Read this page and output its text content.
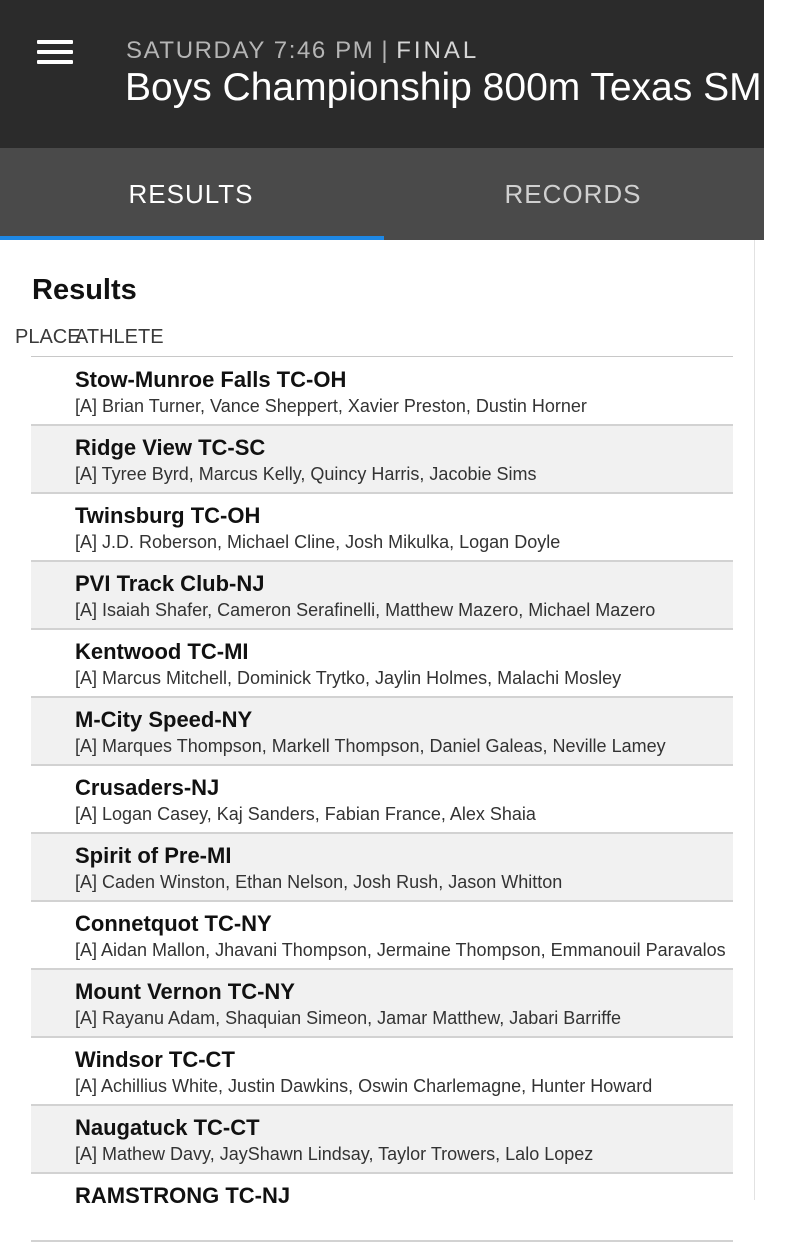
SATURDAY 7:46 PM | FINAL
Boys Championship 800m Texas SMR
RESULTS	RECORDS
Results
PLACE
ATHLETE
Stow-Munroe Falls TC-OH
[A] Brian Turner, Vance Sheppert, Xavier Preston, Dustin Horner
Ridge View TC-SC
[A] Tyree Byrd, Marcus Kelly, Quincy Harris, Jacobie Sims
Twinsburg TC-OH
[A] J.D. Roberson, Michael Cline, Josh Mikulka, Logan Doyle
PVI Track Club-NJ
[A] Isaiah Shafer, Cameron Serafinelli, Matthew Mazero, Michael Mazero
Kentwood TC-MI
[A] Marcus Mitchell, Dominick Trytko, Jaylin Holmes, Malachi Mosley
M-City Speed-NY
[A] Marques Thompson, Markell Thompson, Daniel Galeas, Neville Lamey
Crusaders-NJ
[A] Logan Casey, Kaj Sanders, Fabian France, Alex Shaia
Spirit of Pre-MI
[A] Caden Winston, Ethan Nelson, Josh Rush, Jason Whitton
Connetquot TC-NY
[A] Aidan Mallon, Jhavani Thompson, Jermaine Thompson, Emmanouil Paravalos
Mount Vernon TC-NY
[A] Rayanu Adam, Shaquian Simeon, Jamar Matthew, Jabari Barriffe
Windsor TC-CT
[A] Achillius White, Justin Dawkins, Oswin Charlemagne, Hunter Howard
Naugatuck TC-CT
[A] Mathew Davy, JayShawn Lindsay, Taylor Trowers, Lalo Lopez
RAMSTRONG TC-NJ
